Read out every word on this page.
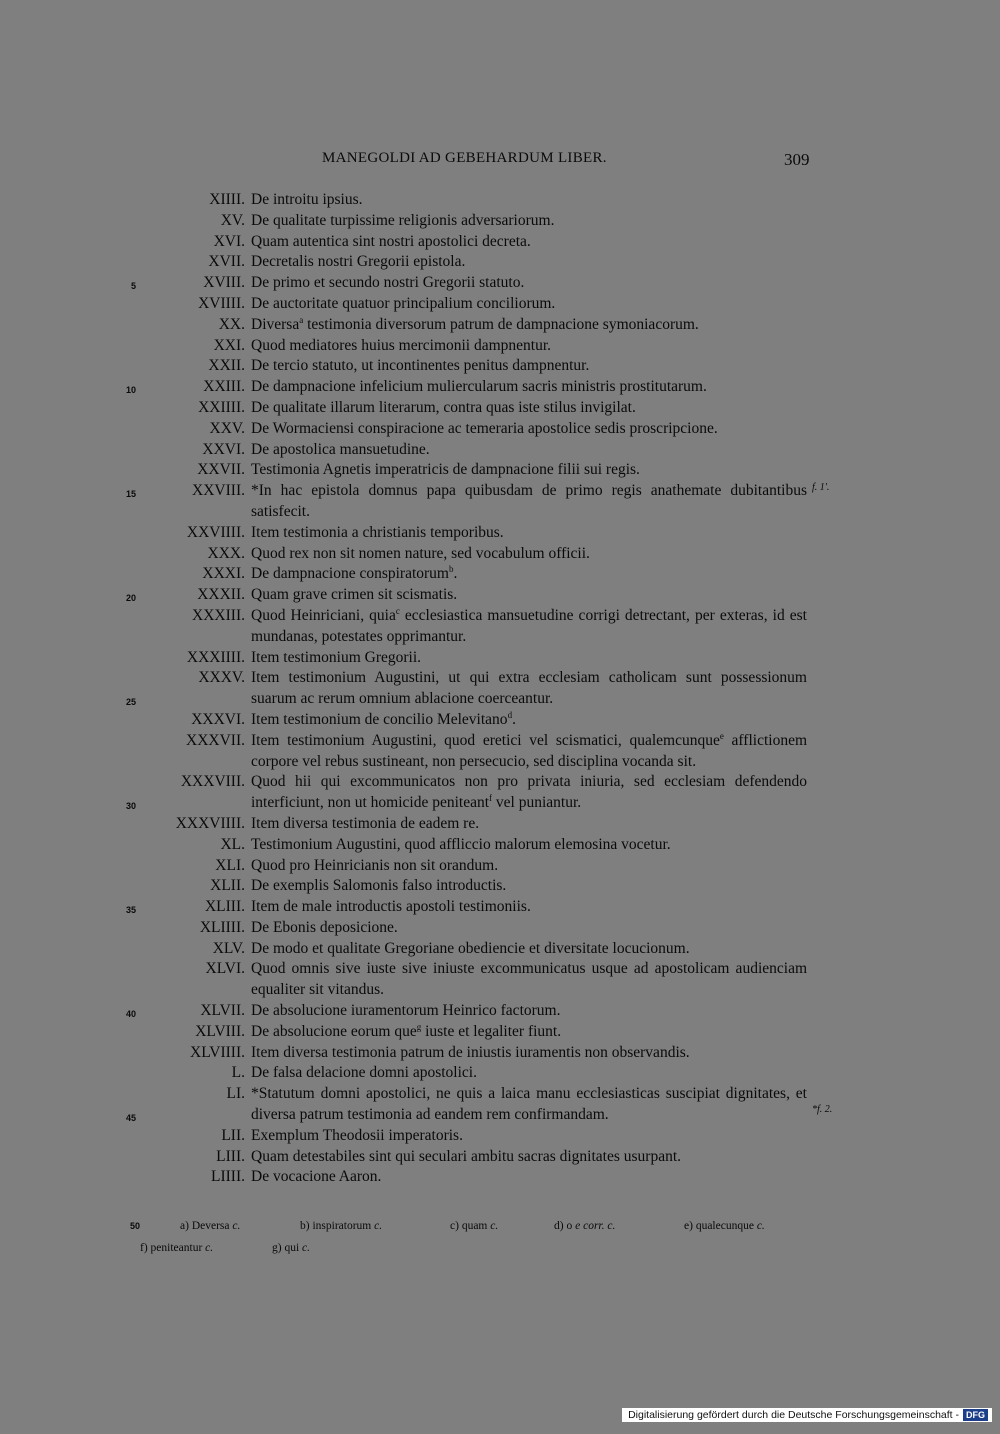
MANEGOLDI AD GEBEHARDUM LIBER.	309
XIIII. De introitu ipsius.
XV. De qualitate turpissime religionis adversariorum.
XVI. Quam autentica sint nostri apostolici decreta.
XVII. Decretalis nostri Gregorii epistola.
XVIII. De primo et secundo nostri Gregorii statuto.
XVIIII. De auctoritate quatuor principalium conciliorum.
XX. Diversa$^a$ testimonia diversorum patrum de dampnacione symoniacorum.
XXI. Quod mediatores huius mercimonii dampnentur.
XXII. De tercio statuto, ut incontinentes penitus dampnentur.
XXIII. De dampnacione infelicium muliercularum sacris ministris prostitutarum.
XXIIII. De qualitate illarum literarum, contra quas iste stilus invigilat.
XXV. De Wormaciensi conspiracione ac temeraria apostolice sedis proscripcione.
XXVI. De apostolica mansuetudine.
XXVII. Testimonia Agnetis imperatricis de dampnacione filii sui regis.
XXVIII. *In hac epistola domnus papa quibusdam de primo regis anathemate dubitantibus satisfecit.
XXVIIII. Item testimonia a christianis temporibus.
XXX. Quod rex non sit nomen nature, sed vocabulum officii.
XXXI. De dampnacione conspiratorum$^b$.
XXXII. Quam grave crimen sit scismatis.
XXXIII. Quod Heinriciani, quia$^c$ ecclesiastica mansuetudine corrigi detrectant, per exteras, id est mundanas, potestates opprimantur.
XXXIIII. Item testimonium Gregorii.
XXXV. Item testimonium Augustini, ut qui extra ecclesiam catholicam sunt possessionum suarum ac rerum omnium ablacione coerceantur.
XXXVI. Item testimonium de concilio Melevitano$^d$.
XXXVII. Item testimonium Augustini, quod eretici vel scismatici, qualemcunque$^e$ afflictionem corpore vel rebus sustineant, non persecucio, sed disciplina vocanda sit.
XXXVIII. Quod hii qui excommunicatos non pro privata iniuria, sed ecclesiam defendendo interficiunt, non ut homicide peniteant$^f$ vel puniantur.
XXXVIIII. Item diversa testimonia de eadem re.
XL. Testimonium Augustini, quod affliccio malorum elemosina vocetur.
XLI. Quod pro Heinricianis non sit orandum.
XLII. De exemplis Salomonis falso introductis.
XLIII. Item de male introductis apostoli testimoniis.
XLIIII. De Ebonis deposicione.
XLV. De modo et qualitate Gregoriane obediencie et diversitate locucionum.
XLVI. Quod omnis sive iuste sive iniuste excommunicatus usque ad apostolicam audienciam equaliter sit vitandus.
XLVII. De absolucione iuramentorum Heinrico factorum.
XLVIII. De absolucione eorum que$^g$ iuste et legaliter fiunt.
XLVIIII. Item diversa testimonia patrum de iniustis iuramentis non observandis.
L. De falsa delacione domni apostolici.
LI. *Statutum domni apostolici, ne quis a laica manu ecclesiasticas suscipiat dignitates, et diversa patrum testimonia ad eandem rem confirmandam.
LII. Exemplum Theodosii imperatoris.
LIII. Quam detestabiles sint qui seculari ambitu sacras dignitates usurpant.
LIIII. De vocacione Aaron.
5
10
15
20
25
30
35
40
45
f. 1'.
*f. 2.
50	a) Deversa c.	b) inspiratorum c.	c) quam c.	d) o e corr. c.	e) qualecunque c.
f) peniteantur c.	g) qui c.
Digitalisierung gefördert durch die Deutsche Forschungsgemeinschaft - DFG
